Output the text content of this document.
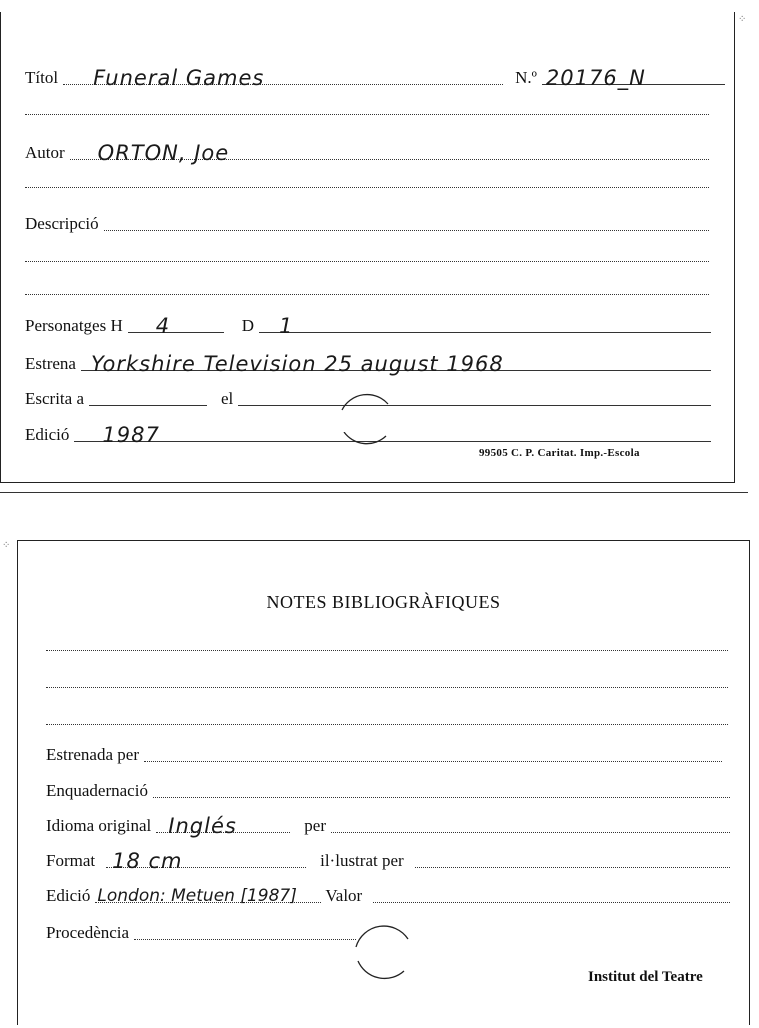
Títol Funeral Games	N.º 20176_N
Autor ORTON, Joe
Descripció
Personatges H 4	D 1
Estrena Yorkshire Television 25 august 1968
Escrita a	el
Edició 1987
99505 C. P. Caritat. Imp.-Escola
⁘
⁘
NOTES BIBLIOGRÀFIQUES
Estrenada per
Enquadernació
Idioma original Inglés	per
Format 18 cm	il·lustrat per
Edició London: Metuen [1987] Valor
Procedència
Institut del Teatre
